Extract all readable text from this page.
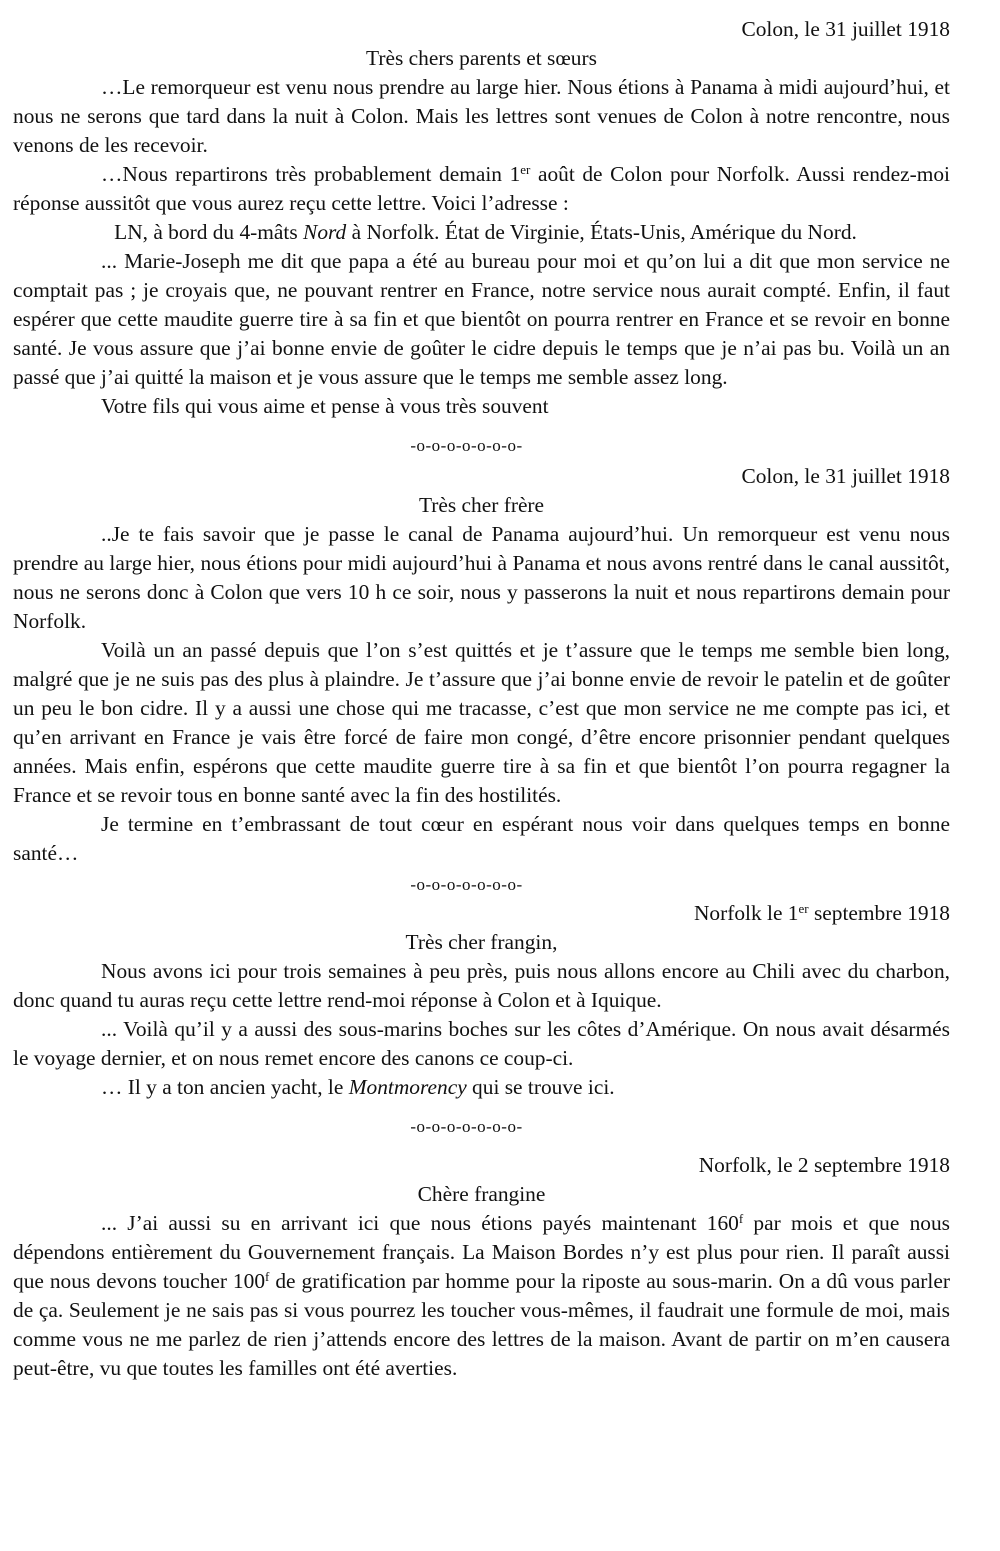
Colon, le 31 juillet 1918

Très chers parents et sœurs

…Le remorqueur est venu nous prendre au large hier. Nous étions à Panama à midi aujourd’hui, et nous ne serons que tard dans la nuit à Colon. Mais les lettres sont venues de Colon à notre rencontre, nous venons de les recevoir.

…Nous repartirons très probablement demain 1er août de Colon pour Norfolk. Aussi rendez-moi réponse aussitôt que vous aurez reçu cette lettre. Voici l’adresse :

LN, à bord du 4-mâts Nord à Norfolk. État de Virginie, États-Unis, Amérique du Nord.

... Marie-Joseph me dit que papa a été au bureau pour moi et qu’on lui a dit que mon service ne comptait pas ; je croyais que, ne pouvant rentrer en France, notre service nous aurait compté. Enfin, il faut espérer que cette maudite guerre tire à sa fin et que bientôt on pourra rentrer en France et se revoir en bonne santé. Je vous assure que j’ai bonne envie de goûter le cidre depuis le temps que je n’ai pas bu. Voilà un an passé que j’ai quitté la maison et je vous assure que le temps me semble assez long.

Votre fils qui vous aime et pense à vous très souvent

-o-o-o-o-o-o-o-

Colon, le 31 juillet 1918

Très cher frère

..Je te fais savoir que je passe le canal de Panama aujourd’hui. Un remorqueur est venu nous prendre au large hier, nous étions pour midi aujourd’hui à Panama et nous avons rentré dans le canal aussitôt, nous ne serons donc à Colon que vers 10 h ce soir, nous y passerons la nuit et nous repartirons demain pour Norfolk.

Voilà un an passé depuis que l’on s’est quittés et je t’assure que le temps me semble bien long, malgré que je ne suis pas des plus à plaindre. Je t’assure que j’ai bonne envie de revoir le patelin et de goûter un peu le bon cidre. Il y a aussi une chose qui me tracasse, c’est que mon service ne me compte pas ici, et qu’en arrivant en France je vais être forcé de faire mon congé, d’être encore prisonnier pendant quelques années. Mais enfin, espérons que cette maudite guerre tire à sa fin et que bientôt l’on pourra regagner la France et se revoir tous en bonne santé avec la fin des hostilités.

Je termine en t’embrassant de tout cœur en espérant nous voir dans quelques temps en bonne santé…

-o-o-o-o-o-o-o-

Norfolk le 1er septembre 1918

Très cher frangin,

Nous avons ici pour trois semaines à peu près, puis nous allons encore au Chili avec du charbon, donc quand tu auras reçu cette lettre rend-moi réponse à Colon et à Iquique.

... Voilà qu’il y a aussi des sous-marins boches sur les côtes d’Amérique. On nous avait désarmés le voyage dernier, et on nous remet encore des canons ce coup-ci.

… Il y a ton ancien yacht, le Montmorency qui se trouve ici.

-o-o-o-o-o-o-o-

Norfolk, le 2 septembre 1918

Chère frangine

... J’ai aussi su en arrivant ici que nous étions payés maintenant 160$^f$ par mois et que nous dépendons entièrement du Gouvernement français. La Maison Bordes n’y est plus pour rien. Il paraît aussi que nous devons toucher 100$^f$ de gratification par homme pour la riposte au sous-marin. On a dû vous parler de ça. Seulement je ne sais pas si vous pourrez les toucher vous-mêmes, il faudrait une formule de moi, mais comme vous ne me parlez de rien j’attends encore des lettres de la maison. Avant de partir on m’en causera peut-être, vu que toutes les familles ont été averties.
